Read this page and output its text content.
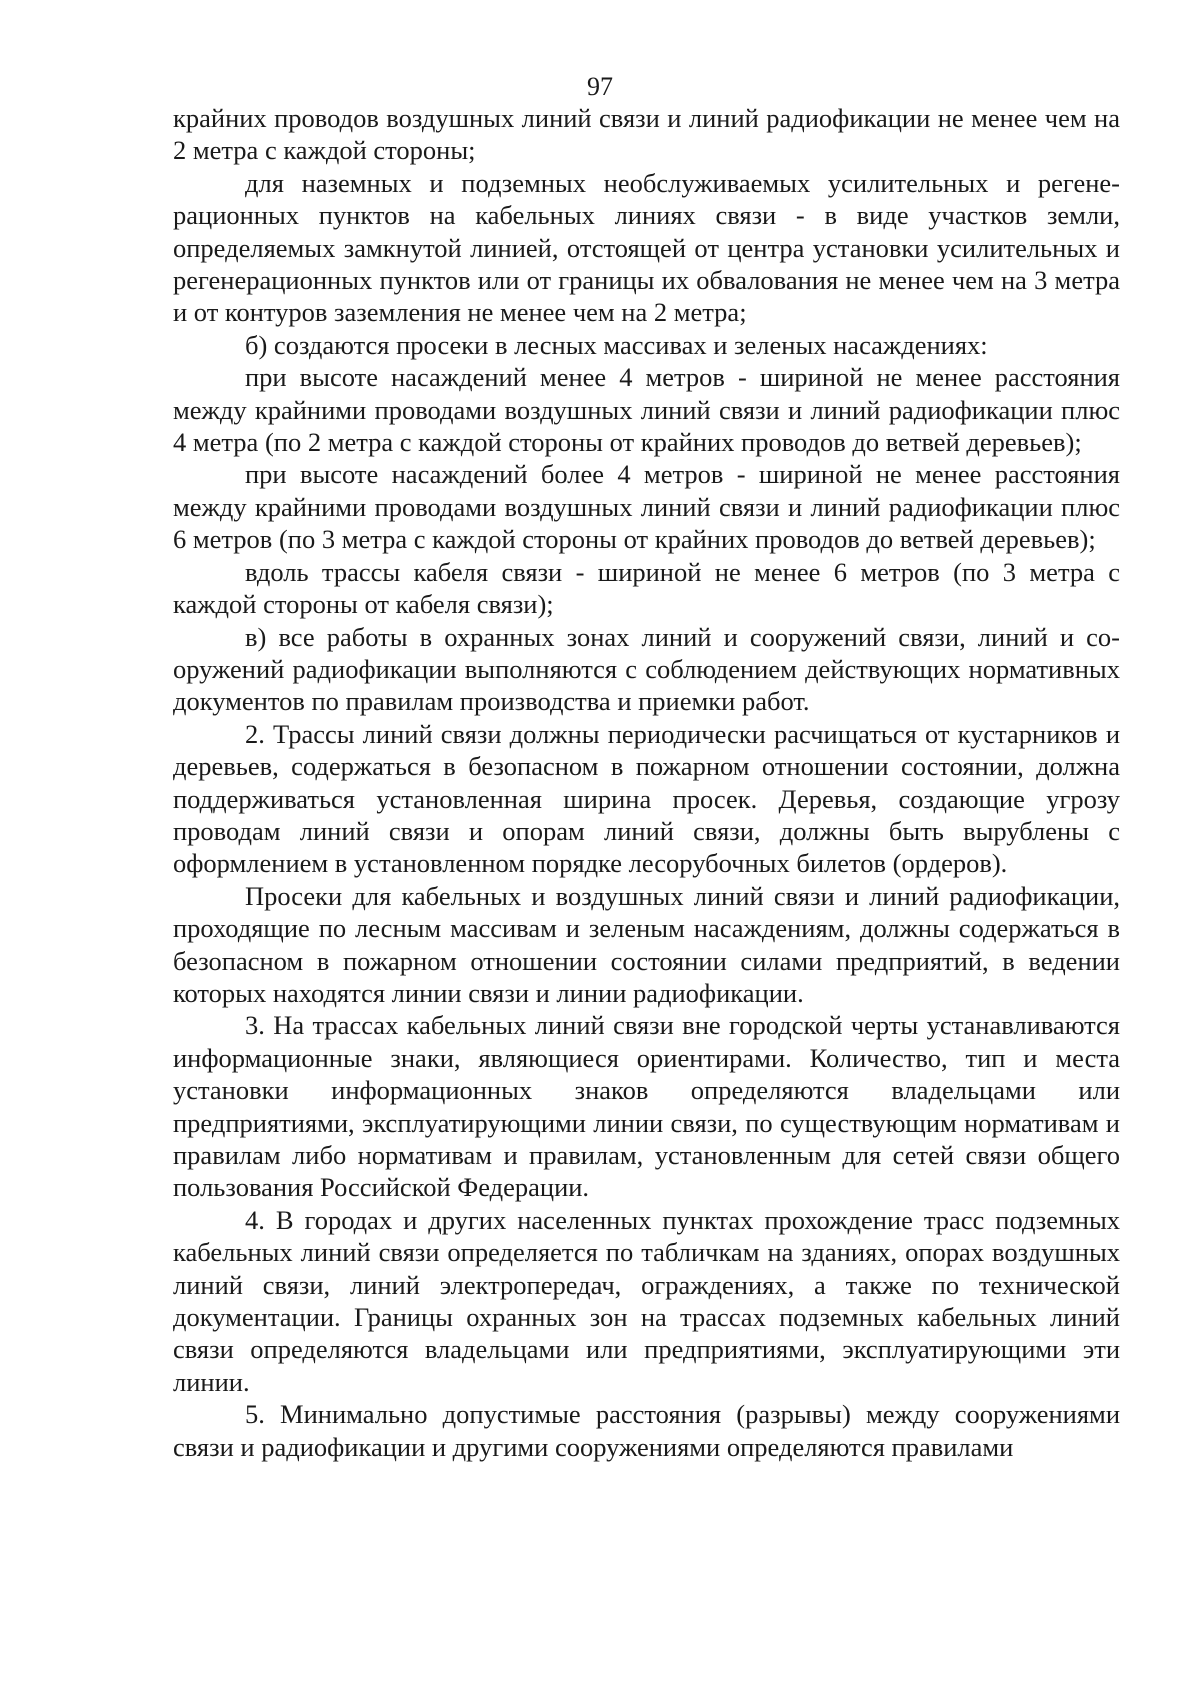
97

крайних проводов воздушных линий связи и линий радиофикации не менее чем на 2 метра с каждой стороны;

для наземных и подземных необслуживаемых усилительных и регенерационных пунктов на кабельных линиях связи - в виде участков земли, определяемых замкнутой линией, отстоящей от центра установки усилительных и регенерационных пунктов или от границы их обвалования не менее чем на 3 метра и от контуров заземления не менее чем на 2 метра;

б) создаются просеки в лесных массивах и зеленых насаждениях:

при высоте насаждений менее 4 метров - шириной не менее расстояния между крайними проводами воздушных линий связи и линий радиофикации плюс 4 метра (по 2 метра с каждой стороны от крайних проводов до ветвей деревьев);

при высоте насаждений более 4 метров - шириной не менее расстояния между крайними проводами воздушных линий связи и линий радиофикации плюс 6 метров (по 3 метра с каждой стороны от крайних проводов до ветвей деревьев);

вдоль трассы кабеля связи - шириной не менее 6 метров (по 3 метра с каждой стороны от кабеля связи);

в) все работы в охранных зонах линий и сооружений связи, линий и сооружений радиофикации выполняются с соблюдением действующих нормативных документов по правилам производства и приемки работ.

2. Трассы линий связи должны периодически расчищаться от кустарников и деревьев, содержаться в безопасном в пожарном отношении состоянии, должна поддерживаться установленная ширина просек. Деревья, создающие угрозу проводам линий связи и опорам линий связи, должны быть вырублены с оформлением в установленном порядке лесорубочных билетов (ордеров).

Просеки для кабельных и воздушных линий связи и линий радиофикации, проходящие по лесным массивам и зеленым насаждениям, должны содержаться в безопасном в пожарном отношении состоянии силами предприятий, в ведении которых находятся линии связи и линии радиофикации.

3. На трассах кабельных линий связи вне городской черты устанавливаются информационные знаки, являющиеся ориентирами. Количество, тип и места установки информационных знаков определяются владельцами или предприятиями, эксплуатирующими линии связи, по существующим нормативам и правилам либо нормативам и правилам, установленным для сетей связи общего пользования Российской Федерации.

4. В городах и других населенных пунктах прохождение трасс подземных кабельных линий связи определяется по табличкам на зданиях, опорах воздушных линий связи, линий электропередач, ограждениях, а также по технической документации. Границы охранных зон на трассах подземных кабельных линий связи определяются владельцами или предприятиями, эксплуатирующими эти линии.

5. Минимально допустимые расстояния (разрывы) между сооружениями связи и радиофикации и другими сооружениями определяются правилами
